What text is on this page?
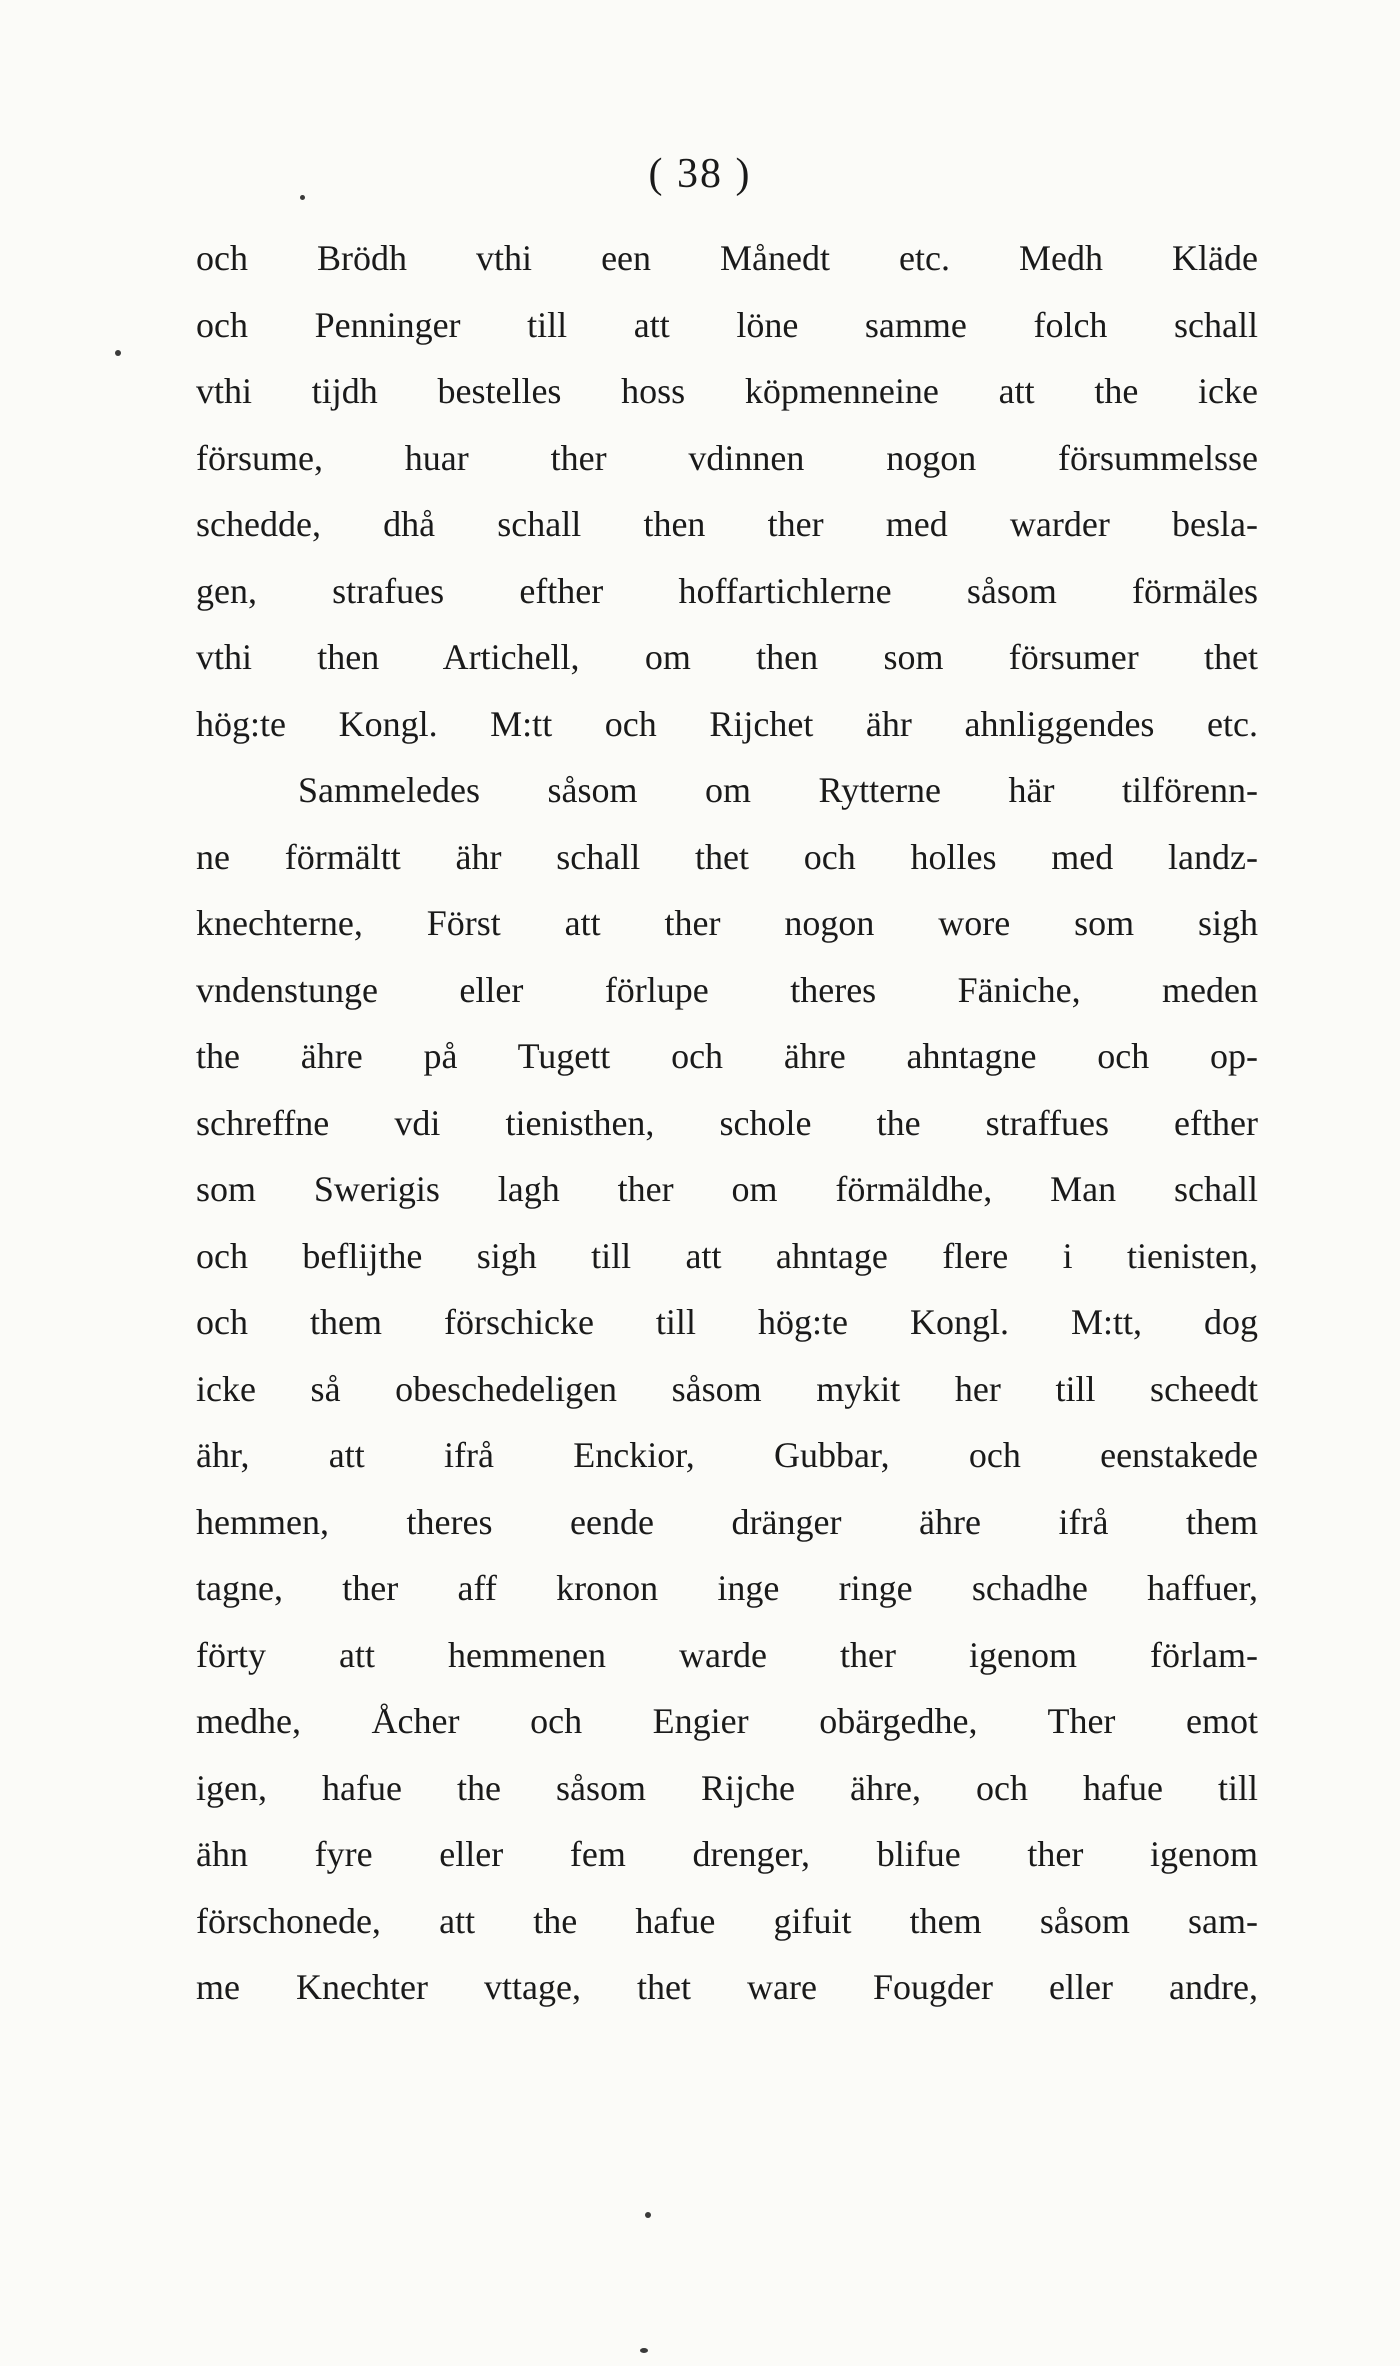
( 38 )
och Brödh vthi een Månedt etc. Medh Kläde
och Penninger till att löne samme folch schall
vthi tijdh bestelles hoss köpmenneine att the icke
försume, huar ther vdinnen nogon försummelsse
schedde, dhå schall then ther med warder besla-
gen, strafues efther hoffartichlerne såsom förmäles
vthi then Artichell, om then som försumer thet
hög:te Kongl. M:tt och Rijchet ähr ahnliggendes etc.
Sammeledes såsom om Rytterne här tilförenn-
ne förmältt ähr schall thet och holles med landz-
knechterne, Först att ther nogon wore som sigh
vndenstunge eller förlupe theres Fäniche, meden
the ähre på Tugett och ähre ahntagne och op-
schreffne vdi tienisthen, schole the straffues efther
som Swerigis lagh ther om förmäldhe, Man schall
och beflijthe sigh till att ahntage flere i tienisten,
och them förschicke till hög:te Kongl. M:tt, dog
icke så obeschedeligen såsom mykit her till scheedt
ähr, att ifrå Enckior, Gubbar, och eenstakede
hemmen, theres eende dränger ähre ifrå them
tagne, ther aff kronon inge ringe schadhe haffuer,
förty att hemmenen warde ther igenom förlam-
medhe, Åcher och Engier obärgedhe, Ther emot
igen, hafue the såsom Rijche ähre, och hafue till
ähn fyre eller fem drenger, blifue ther igenom
förschonede, att the hafue gifuit them såsom sam-
me Knechter vttage, thet ware Fougder eller andre,
